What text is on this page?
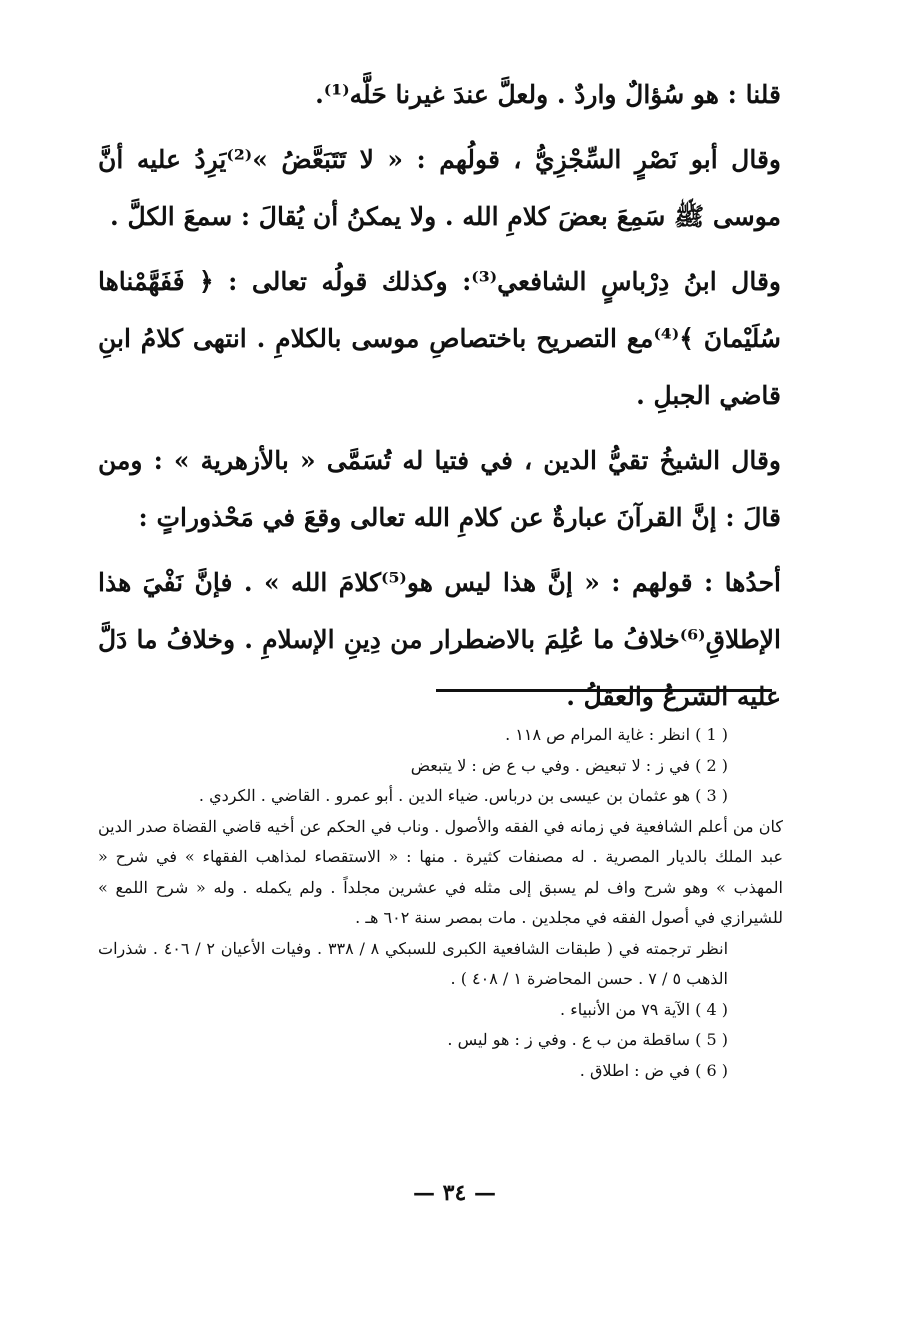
قلنا : هو سُؤالٌ واردٌ . ولعلَّ عندَ غيرنا حَلَّه⁽¹⁾.

وقال أبو نَصْرٍ السِّجْزِيُّ ، قولُهم : « لا تَتَبَعَّضُ »⁽²⁾يَرِدُ عليه أنَّ موسى ﷺ سَمِعَ بعضَ كلامِ الله . ولا يمكنُ أن يُقالَ : سمعَ الكلَّ .

وقال ابنُ دِرْباسٍ الشافعي⁽³⁾: وكذلك قولُه تعالى : ﴿ فَفَهَّمْناها سُلَيْمانَ ﴾⁽⁴⁾مع التصريح باختصاصِ موسى بالكلامِ . انتهى كلامُ ابنِ قاضي الجبلِ .

وقال الشيخُ تقيُّ الدين ، في فتيا له تُسَمَّى « بالأزهرية » : ومن قالَ : إنَّ القرآنَ عبارةٌ عن كلامِ الله تعالى وقعَ في مَحْذوراتٍ :

أحدُها : قولهم : « إنَّ هذا ليس هو⁽⁵⁾كلامَ الله » . فإنَّ نَفْيَ هذا الإطلاقِ⁽⁶⁾خلافُ ما عُلِمَ بالاضطرار من دِينِ الإسلامِ . وخلافُ ما دَلَّ عليه الشرعُ والعقلُ .

( 1 ) انظر : غاية المرام ص ١١٨ .

( 2 ) في ز : لا تبعيض . وفي ب ع ض : لا يتبعض

( 3 ) هو عثمان بن عيسى بن درباس. ضياء الدين . أبو عمرو . القاضي . الكردي .

كان من أعلم الشافعية في زمانه في الفقه والأصول . وناب في الحكم عن أخيه قاضي القضاة صدر الدين عبد الملك بالديار المصرية . له مصنفات كثيرة . منها : « الاستقصاء لمذاهب الفقهاء » في شرح « المهذب » وهو شرح واف لم يسبق إلى مثله في عشرين مجلداً . ولم يكمله . وله « شرح اللمع » للشيرازي في أصول الفقه في مجلدين . مات بمصر سنة ٦٠٢ هـ .

انظر ترجمته في ( طبقات الشافعية الكبرى للسبكي ٨ / ٣٣٨ . وفيات الأعيان ٢ / ٤٠٦ . شذرات الذهب ٥ / ٧ . حسن المحاضرة ١ / ٤٠٨ ) .

( 4 ) الآية ٧٩ من الأنبياء .

( 5 ) ساقطة من ب ع . وفي ز : هو ليس .

( 6 ) في ض : اطلاق .

— ٣٤ —
